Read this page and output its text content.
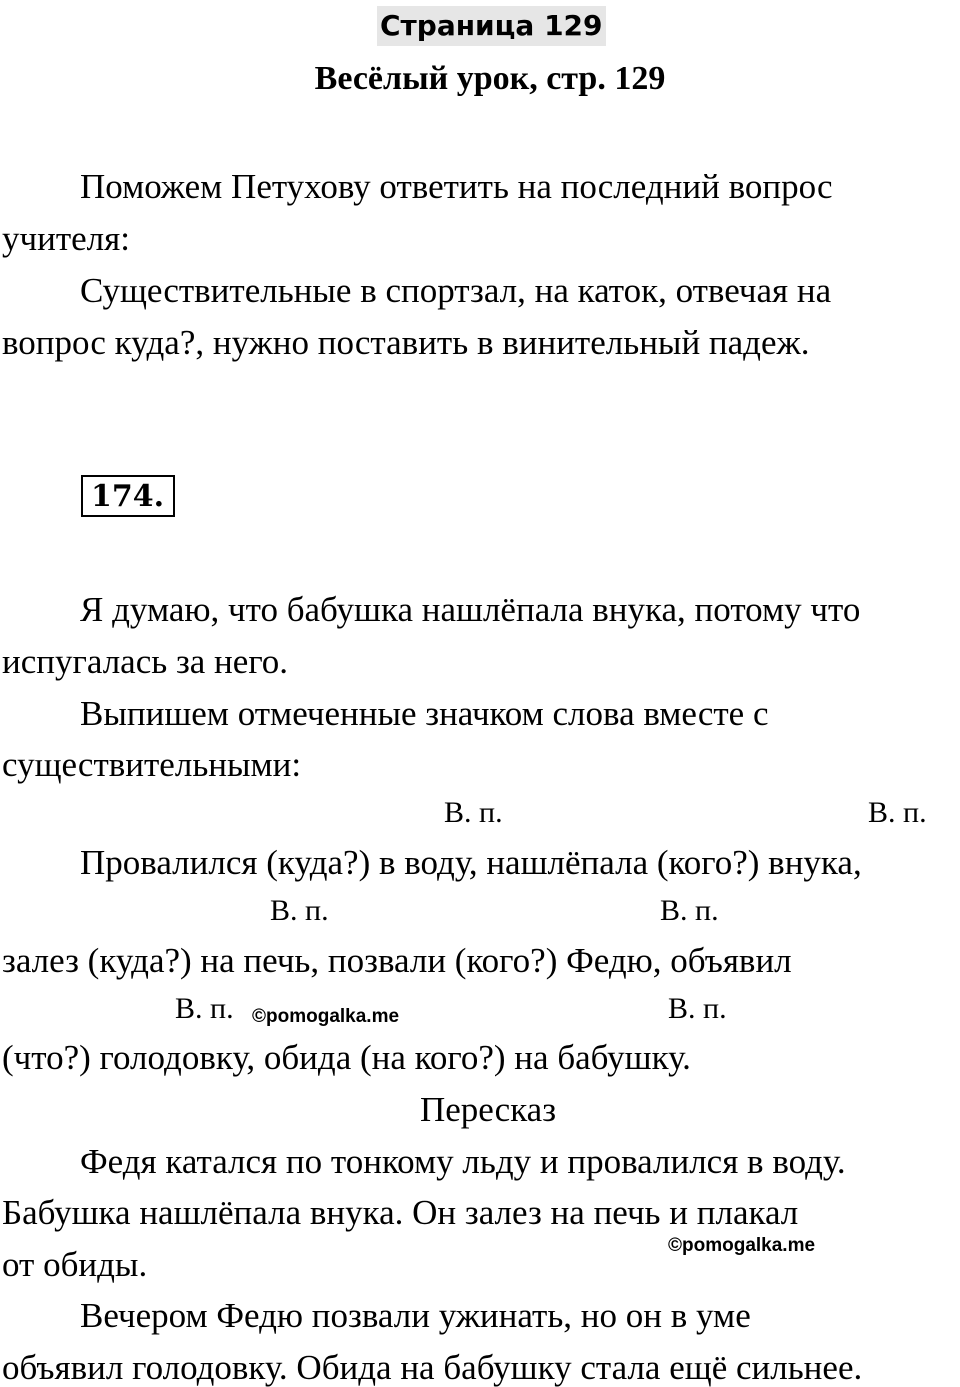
Страница 129
Весёлый урок, стр. 129
Поможем Петухову ответить на последний вопрос
учителя:
Существительные в спортзал, на каток, отвечая на
вопрос куда?, нужно поставить в винительный падеж.
174.
Я думаю, что бабушка нашлёпала внука, потому что
испугалась за него.
Выпишем отмеченные значком слова вместе с
существительными:
В. п.	В. п.
Провалился (куда?) в воду, нашлёпала (кого?) внука,
В. п.	В. п.
залез (куда?) на печь, позвали (кого?) Федю, объявил
В. п. ©pomogalka.me	В. п.
(что?) голодовку, обида (на кого?) на бабушку.
Пересказ
Федя катался по тонкому льду и провалился в воду.
Бабушка нашлёпала внука. Он залез на печь и плакал
©pomogalka.me
от обиды.
Вечером Федю позвали ужинать, но он в уме
объявил голодовку. Обида на бабушку стала ещё сильнее.
